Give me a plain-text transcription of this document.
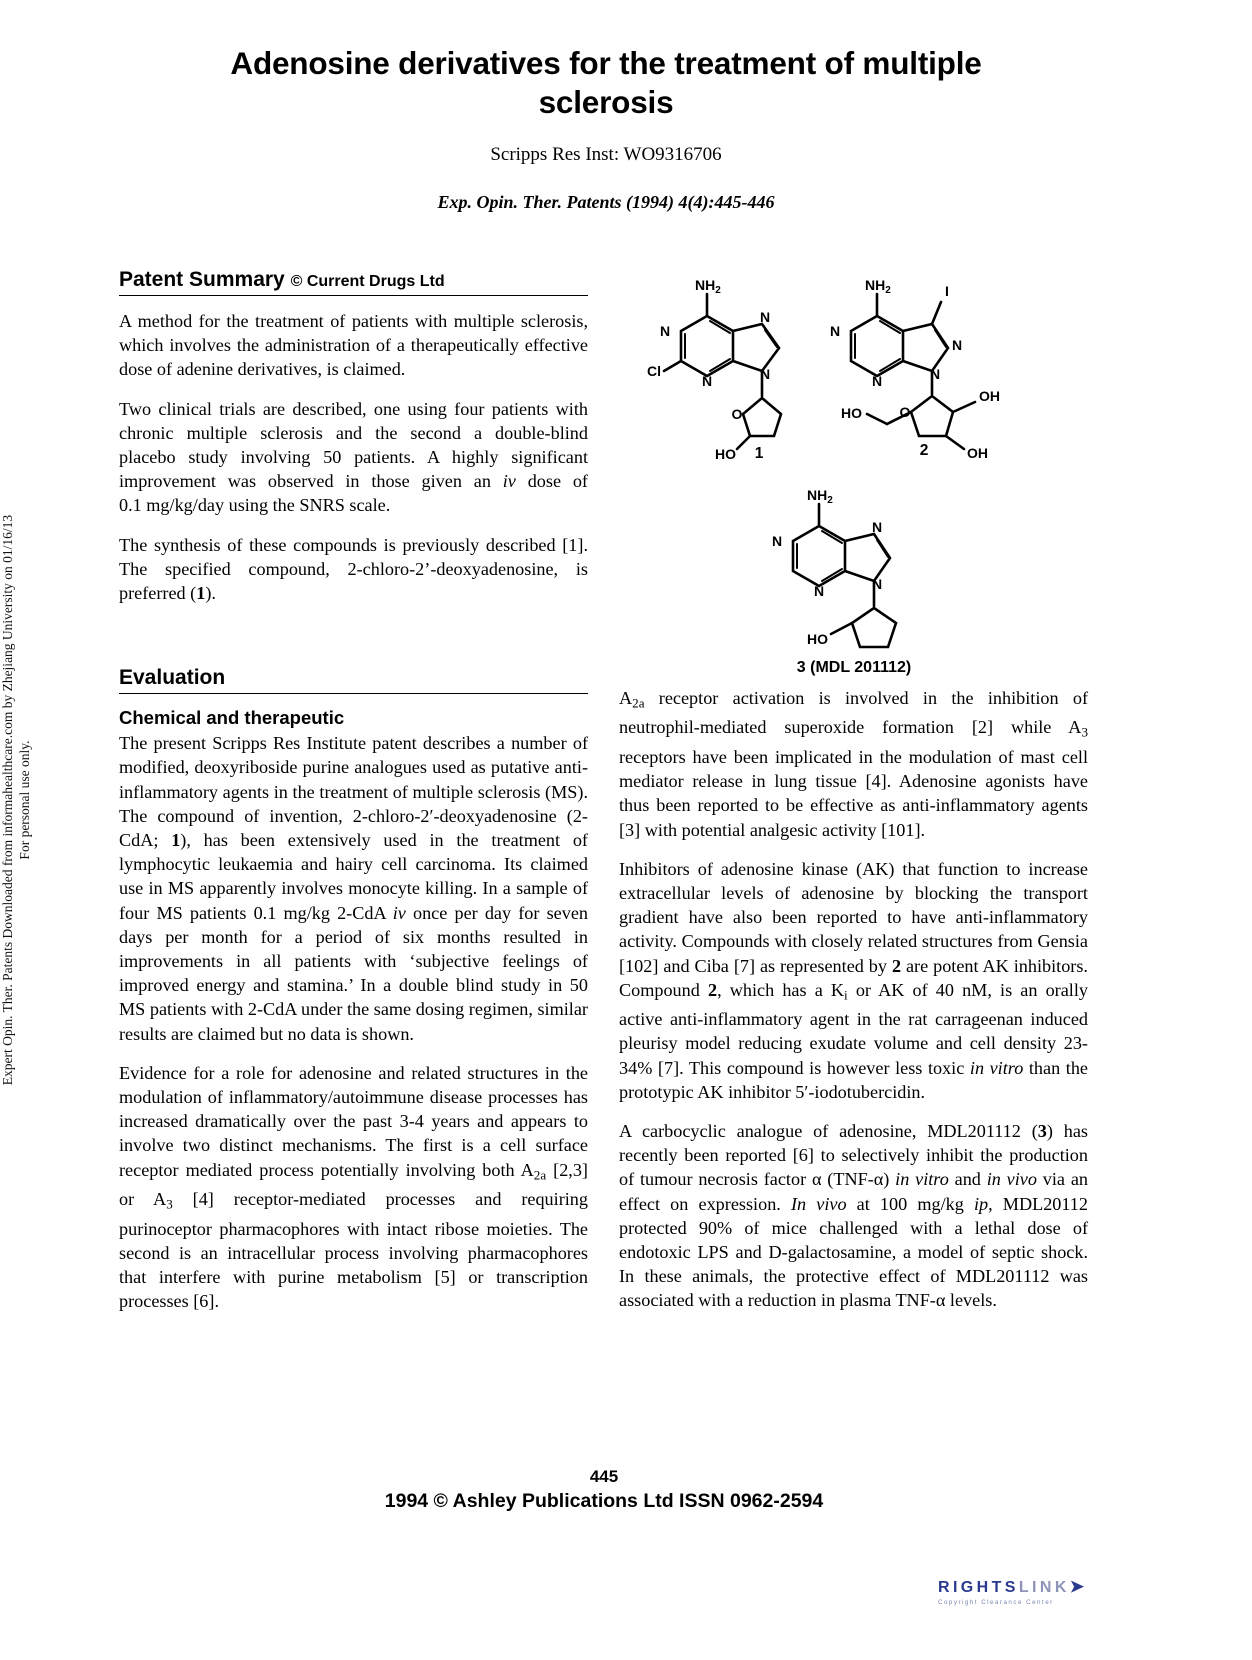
Expert Opin. Ther. Patents Downloaded from informahealthcare.com by Zhejiang University on 01/16/13 For personal use only.
Adenosine derivatives for the treatment of multiple sclerosis
Scripps Res Inst: WO9316706
Exp. Opin. Ther. Patents (1994) 4(4):445-446
$NH_2$
N
N
N
N
Cl
O
HO
$NH_2$
N
N
N
N
I
O
HO
OH
OH
$NH_2$
N
N
N
N
HO
1	2
3 (MDL 201112)
Patent Summary © Current Drugs Ltd

A method for the treatment of patients with multiple sclerosis, which involves the administration of a therapeutically effective dose of adenine derivatives, is claimed.

Two clinical trials are described, one using four patients with chronic multiple sclerosis and the second a double-blind placebo study involving 50 patients. A highly significant improvement was observed in those given an iv dose of 0.1 mg/kg/day using the SNRS scale.

The synthesis of these compounds is previously described [1]. The specified compound, 2-chloro-2’-deoxyadenosine, is preferred (1).

Evaluation
Chemical and therapeutic

The present Scripps Res Institute patent describes a number of modified, deoxyriboside purine analogues used as putative anti-inflammatory agents in the treatment of multiple sclerosis (MS). The compound of invention, 2-chloro-2′-deoxyadenosine (2-CdA; 1), has been extensively used in the treatment of lymphocytic leukaemia and hairy cell carcinoma. Its claimed use in MS apparently involves monocyte killing. In a sample of four MS patients 0.1 mg/kg 2-CdA iv once per day for seven days per month for a period of six months resulted in improvements in all patients with ‘subjective feelings of improved energy and stamina.’ In a double blind study in 50 MS patients with 2-CdA under the same dosing regimen, similar results are claimed but no data is shown.

Evidence for a role for adenosine and related structures in the modulation of inflammatory/autoimmune disease processes has increased dramatically over the past 3-4 years and appears to involve two distinct mechanisms. The first is a cell surface receptor mediated process potentially involving both $A_{2a}$ [2,3] or $A_3$ [4] receptor-mediated processes and requiring purinoceptor pharmacophores with intact ribose moieties. The second is an intracellular process involving pharmacophores that interfere with purine metabolism [5] or transcription processes [6].

$A_{2a}$ receptor activation is involved in the inhibition of neutrophil-mediated superoxide formation [2] while $A_3$ receptors have been implicated in the modulation of mast cell mediator release in lung tissue [4]. Adenosine agonists have thus been reported to be effective as anti-inflammatory agents [3] with potential analgesic activity [101].

Inhibitors of adenosine kinase (AK) that function to increase extracellular levels of adenosine by blocking the transport gradient have also been reported to have anti-inflammatory activity. Compounds with closely related structures from Gensia [102] and Ciba [7] as represented by 2 are potent AK inhibitors. Compound 2, which has a $K_i$ or AK of 40 nM, is an orally active anti-inflammatory agent in the rat carrageenan induced pleurisy model reducing exudate volume and cell density 23-34% [7]. This compound is however less toxic in vitro than the prototypic AK inhibitor 5′-iodotubercidin.

A carbocyclic analogue of adenosine, MDL201112 (3) has recently been reported [6] to selectively inhibit the production of tumour necrosis factor α (TNF-α) in vitro and in vivo via an effect on expression. In vivo at 100 mg/kg ip, MDL20112 protected 90% of mice challenged with a lethal dose of endotoxic LPS and D-galactosamine, a model of septic shock. In these animals, the protective effect of MDL201112 was associated with a reduction in plasma TNF-α levels.

445
1994 © Ashley Publications Ltd ISSN 0962-2594
RIGHTSLINK➤
Copyright Clearance Center
